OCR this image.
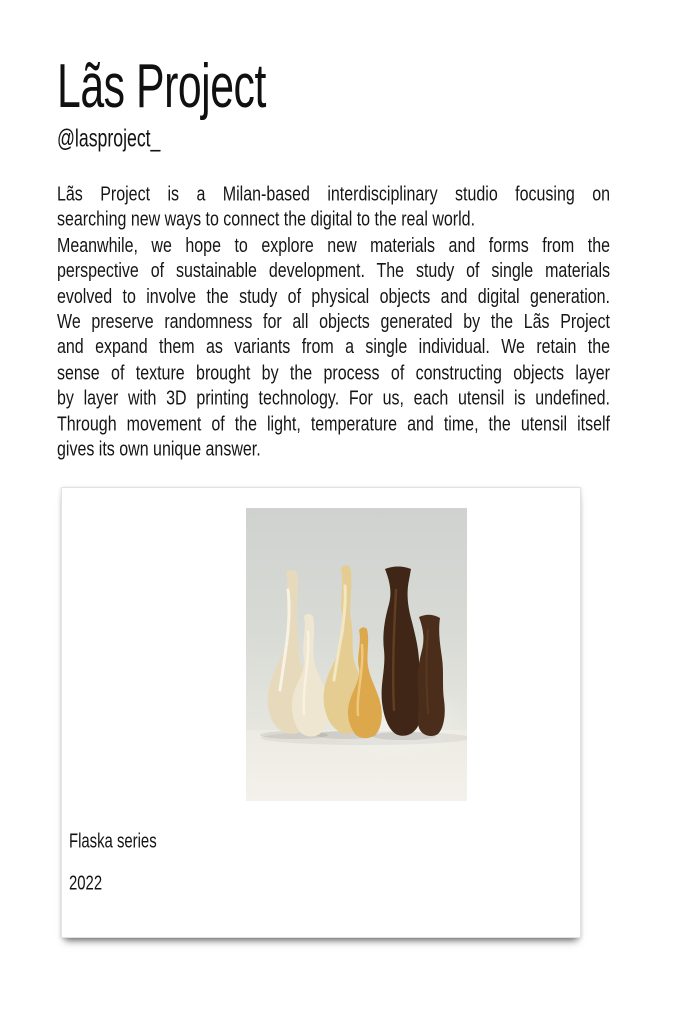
Lãs Project
@lasproject_
Lãs Project is a Milan-based interdisciplinary studio focusing on
searching new ways to connect the digital to the real world.
Meanwhile, we hope to explore new materials and forms from the
perspective of sustainable development. The study of single materials
evolved to involve the study of physical objects and digital generation.
We preserve randomness for all objects generated by the Lãs Project
and expand them as variants from a single individual. We retain the
sense of texture brought by the process of constructing objects layer
by layer with 3D printing technology. For us, each utensil is undefined.
Through movement of the light, temperature and time, the utensil itself
gives its own unique answer.
Flaska series
2022
